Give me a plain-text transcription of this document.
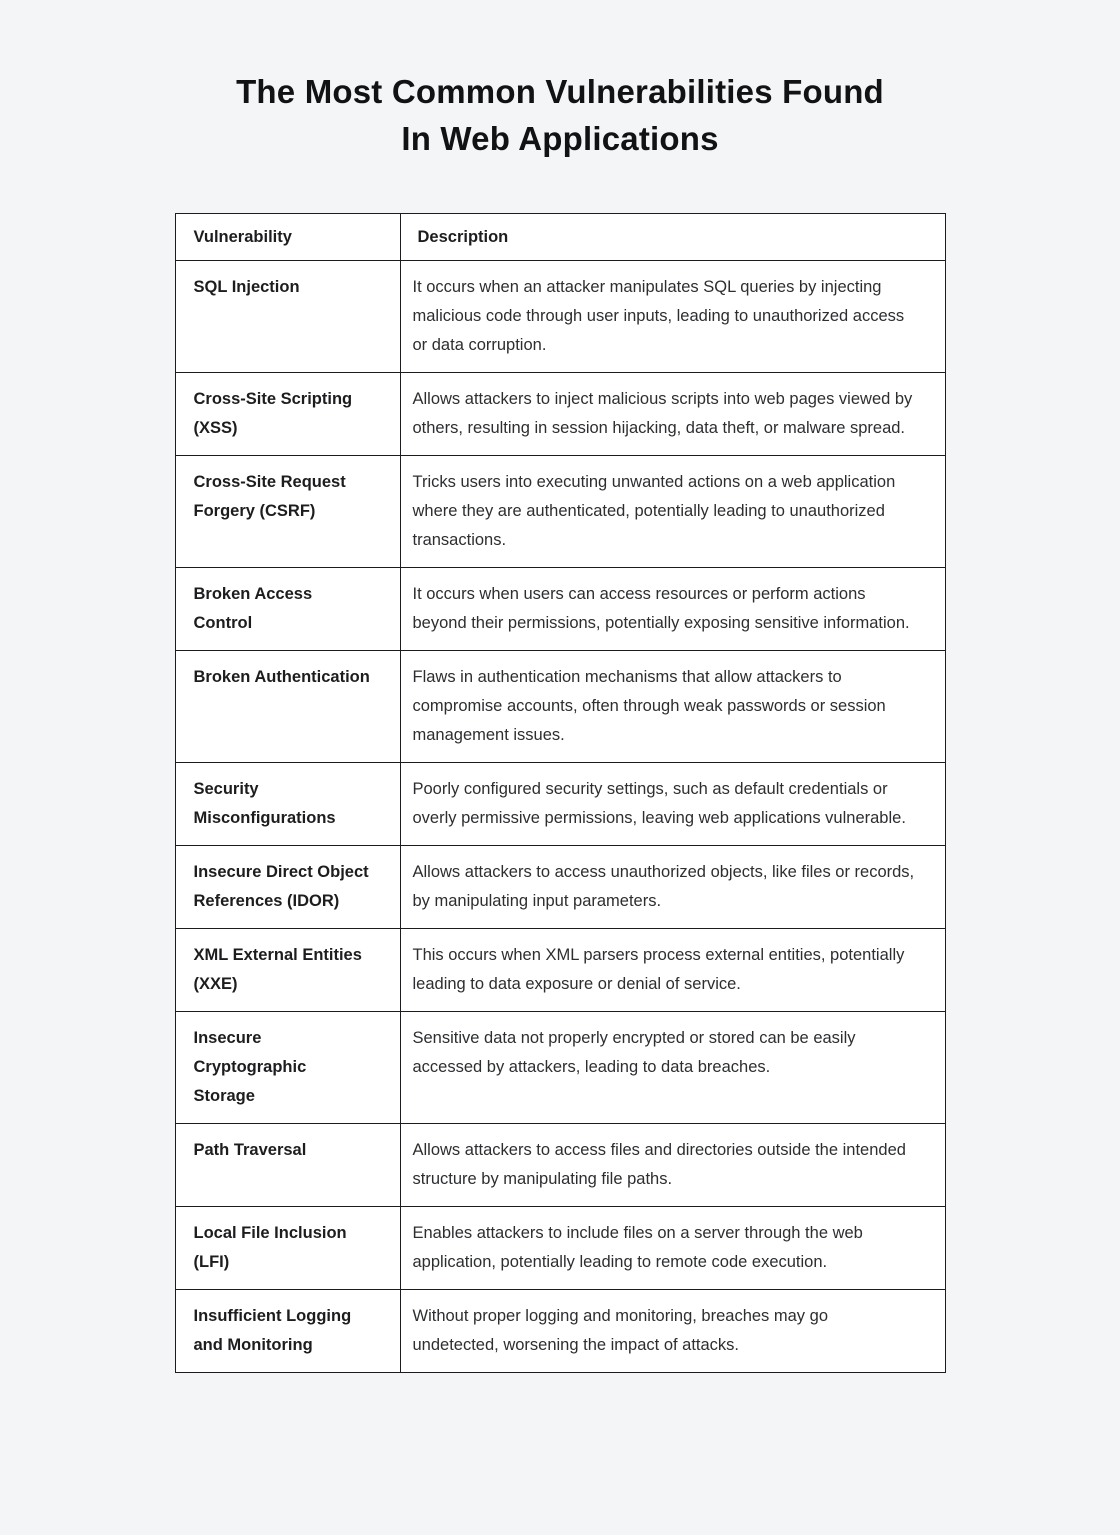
The Most Common Vulnerabilities Found
In Web Applications
Vulnerability	Description
SQL Injection	It occurs when an attacker manipulates SQL queries by injecting malicious code through user inputs, leading to unauthorized access or data corruption.
Cross-Site Scripting (XSS)	Allows attackers to inject malicious scripts into web pages viewed by others, resulting in session hijacking, data theft, or malware spread.
Cross-Site Request Forgery (CSRF)	Tricks users into executing unwanted actions on a web application where they are authenticated, potentially leading to unauthorized transactions.
Broken Access Control	It occurs when users can access resources or perform actions beyond their permissions, potentially exposing sensitive information.
Broken Authentication	Flaws in authentication mechanisms that allow attackers to compromise accounts, often through weak passwords or session management issues.
Security Misconfigurations	Poorly configured security settings, such as default credentials or overly permissive permissions, leaving web applications vulnerable.
Insecure Direct Object References (IDOR)	Allows attackers to access unauthorized objects, like files or records, by manipulating input parameters.
XML External Entities (XXE)	This occurs when XML parsers process external entities, potentially leading to data exposure or denial of service.
Insecure Cryptographic Storage	Sensitive data not properly encrypted or stored can be easily accessed by attackers, leading to data breaches.
Path Traversal	Allows attackers to access files and directories outside the intended structure by manipulating file paths.
Local File Inclusion (LFI)	Enables attackers to include files on a server through the web application, potentially leading to remote code execution.
Insufficient Logging and Monitoring	Without proper logging and monitoring, breaches may go undetected, worsening the impact of attacks.
